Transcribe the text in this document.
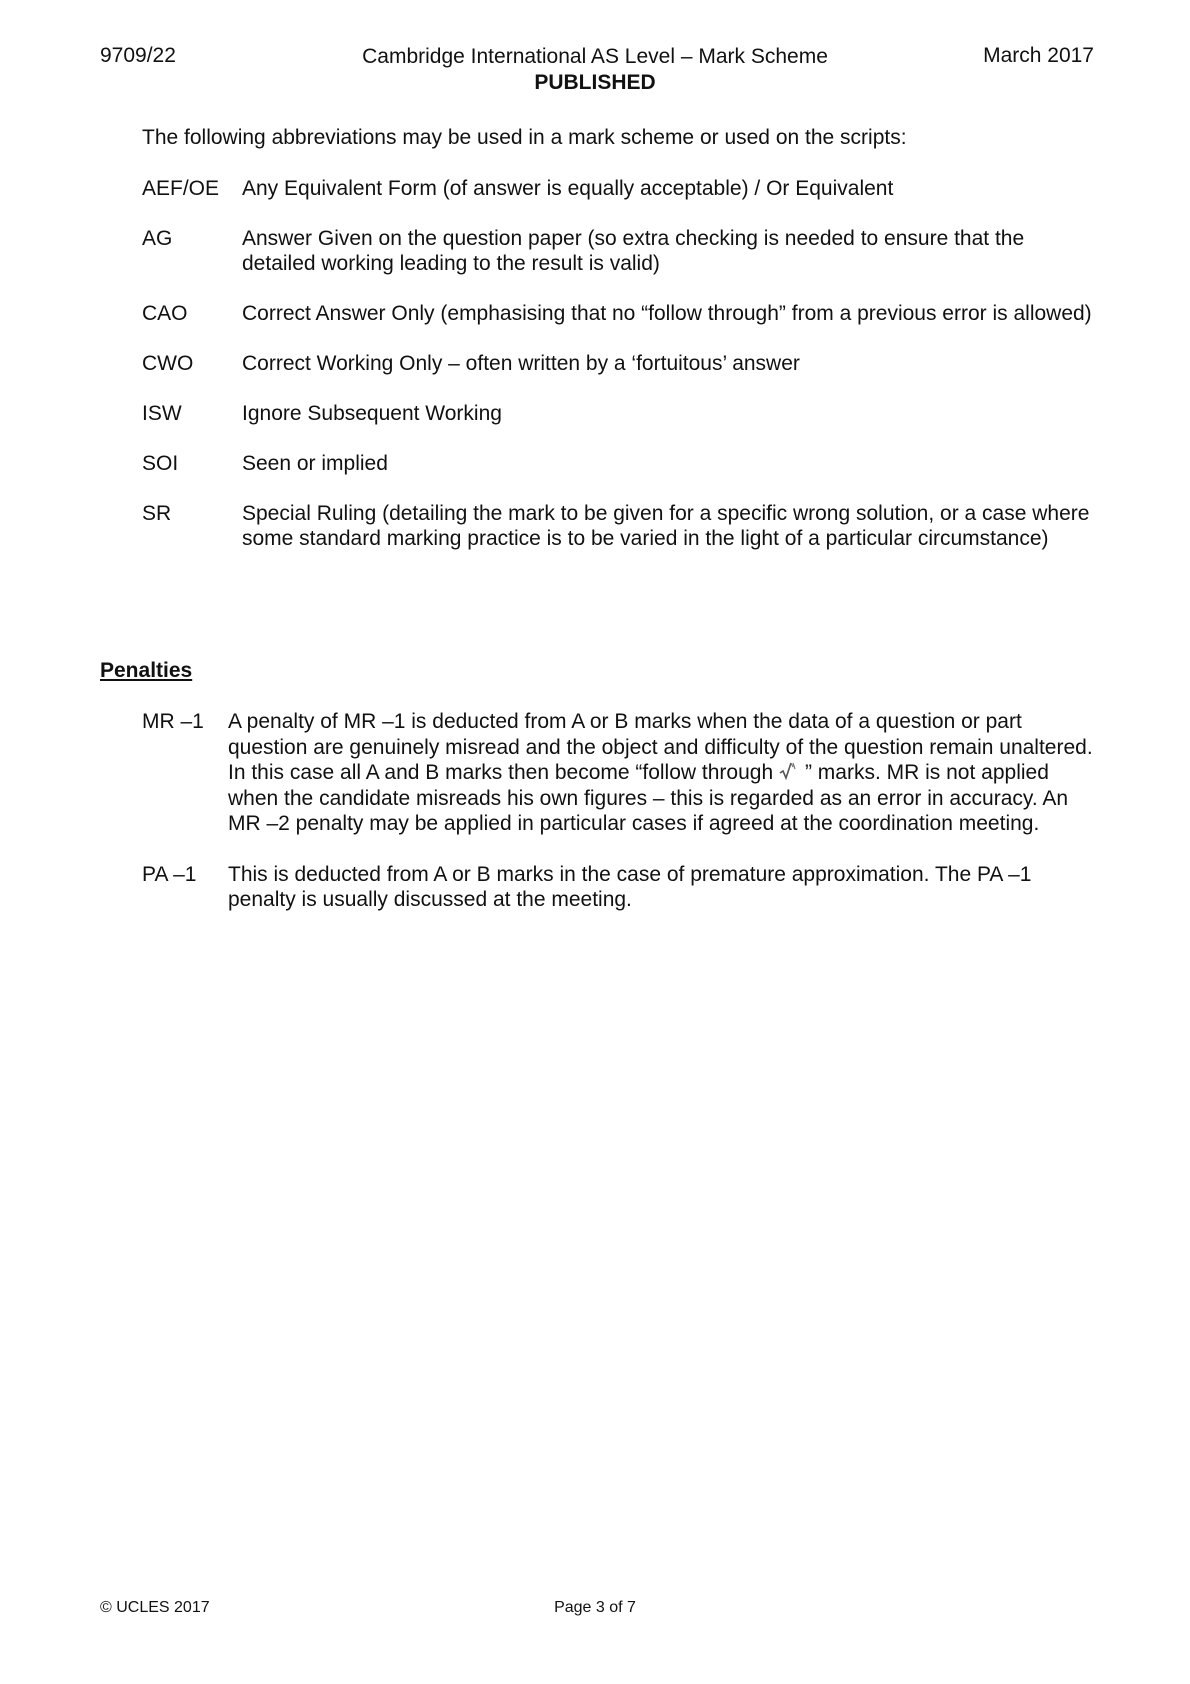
9709/22	Cambridge International AS Level – Mark Scheme
PUBLISHED
March 2017
The following abbreviations may be used in a mark scheme or used on the scripts:
AEF/OE	Any Equivalent Form (of answer is equally acceptable) / Or Equivalent
AG	Answer Given on the question paper (so extra checking is needed to ensure that the detailed working leading to the result is valid)
CAO	Correct Answer Only (emphasising that no “follow through” from a previous error is allowed)
CWO	Correct Working Only – often written by a ‘fortuitous’ answer
ISW	Ignore Subsequent Working
SOI	Seen or implied
SR	Special Ruling (detailing the mark to be given for a specific wrong solution, or a case where some standard marking practice is to be varied in the light of a particular circumstance)
Penalties
MR –1	A penalty of MR –1 is deducted from A or B marks when the data of a question or part question are genuinely misread and the object and difficulty of the question remain unaltered. In this case all A and B marks then become “follow through ” marks. MR is not applied when the candidate misreads his own figures – this is regarded as an error in accuracy. An MR –2 penalty may be applied in particular cases if agreed at the coordination meeting.
PA –1	This is deducted from A or B marks in the case of premature approximation. The PA –1 penalty is usually discussed at the meeting.
© UCLES 2017	Page 3 of 7
